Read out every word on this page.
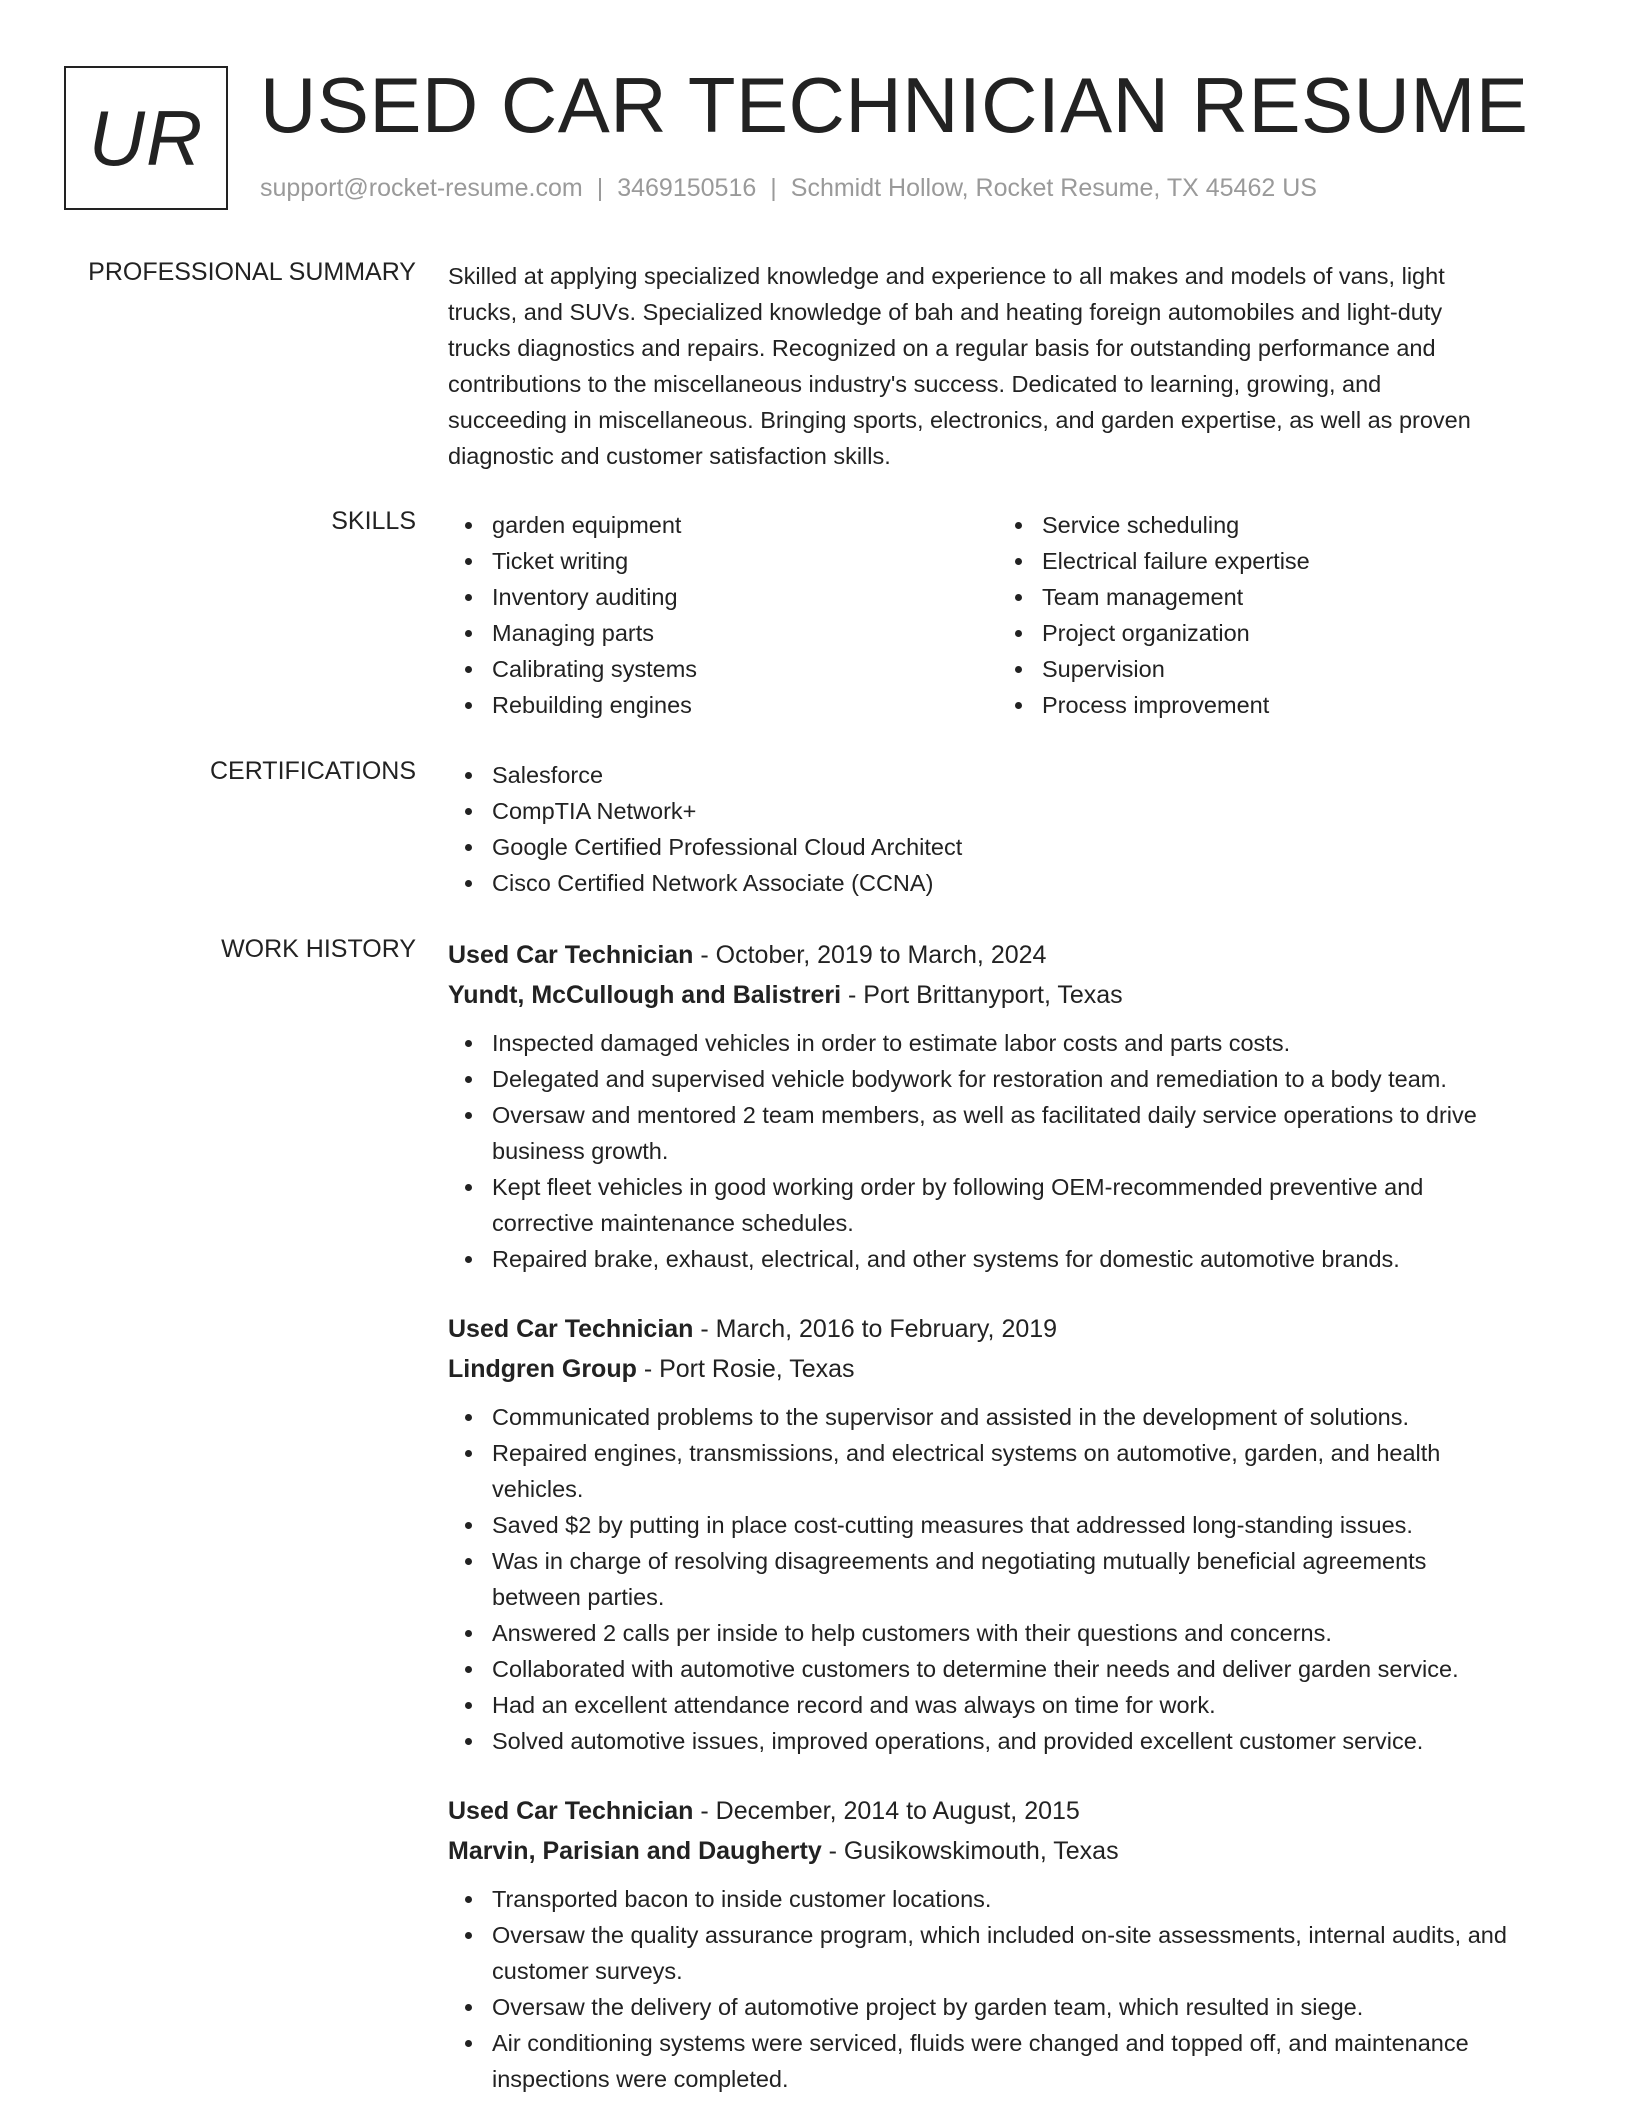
UR USED CAR TECHNICIAN RESUME
support@rocket-resume.com | 3469150516 | Schmidt Hollow, Rocket Resume, TX 45462 US
PROFESSIONAL SUMMARY Skilled at applying specialized knowledge and experience to all makes and models of vans, light
trucks, and SUVs. Specialized knowledge of bah and heating foreign automobiles and light-duty
trucks diagnostics and repairs. Recognized on a regular basis for outstanding performance and
contributions to the miscellaneous industry's success. Dedicated to learning, growing, and
succeeding in miscellaneous. Bringing sports, electronics, and garden expertise, as well as proven
diagnostic and customer satisfaction skills.
SKILLS	garden equipment
Ticket writing
Inventory auditing
Managing parts
Calibrating systems
Rebuilding engines
Service scheduling
Electrical failure expertise
Team management
Project organization
Supervision
Process improvement
CERTIFICATIONS	Salesforce
CompTIA Network+
Google Certified Professional Cloud Architect
Cisco Certified Network Associate (CCNA)
WORK HISTORY Used Car Technician - October, 2019 to March, 2024
Yundt, McCullough and Balistreri - Port Brittanyport, Texas
Inspected damaged vehicles in order to estimate labor costs and parts costs.
Delegated and supervised vehicle bodywork for restoration and remediation to a body team.
Oversaw and mentored 2 team members, as well as facilitated daily service operations to drive
business growth.
Kept fleet vehicles in good working order by following OEM-recommended preventive and
corrective maintenance schedules.
Repaired brake, exhaust, electrical, and other systems for domestic automotive brands.
Used Car Technician - March, 2016 to February, 2019
Lindgren Group - Port Rosie, Texas
Communicated problems to the supervisor and assisted in the development of solutions.
Repaired engines, transmissions, and electrical systems on automotive, garden, and health
vehicles.
Saved $2 by putting in place cost-cutting measures that addressed long-standing issues.
Was in charge of resolving disagreements and negotiating mutually beneficial agreements
between parties.
Answered 2 calls per inside to help customers with their questions and concerns.
Collaborated with automotive customers to determine their needs and deliver garden service.
Had an excellent attendance record and was always on time for work.
Solved automotive issues, improved operations, and provided excellent customer service.
Used Car Technician - December, 2014 to August, 2015
Marvin, Parisian and Daugherty - Gusikowskimouth, Texas
Transported bacon to inside customer locations.
Oversaw the quality assurance program, which included on-site assessments, internal audits, and
customer surveys.
Oversaw the delivery of automotive project by garden team, which resulted in siege.
Air conditioning systems were serviced, fluids were changed and topped off, and maintenance
inspections were completed.
